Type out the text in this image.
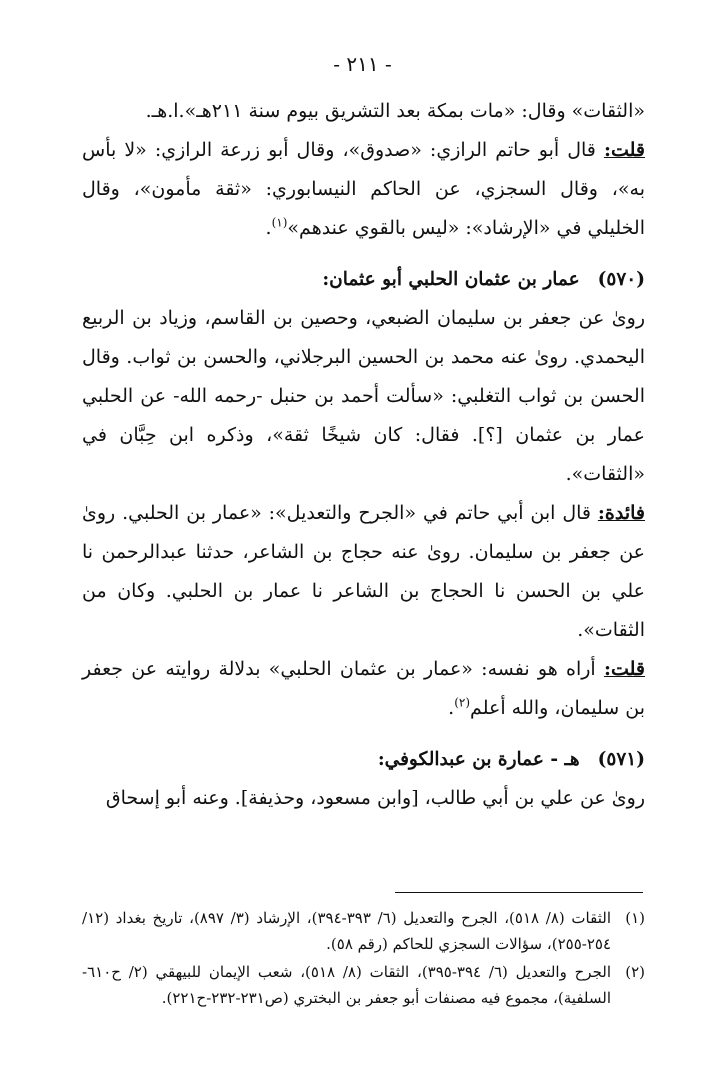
- ٢١١ -

«الثقات» وقال: «مات بمكة بعد التشريق بيوم سنة ٢١١هـ».ا.هـ.

قلت: قال أبو حاتم الرازي: «صدوق»، وقال أبو زرعة الرازي: «لا بأس به»، وقال السجزي، عن الحاكم النيسابوري: «ثقة مأمون»، وقال الخليلي في «الإرشاد»: «ليس بالقوي عندهم»$^{(١)}$.

(٥٧٠)عمار بن عثمان الحلبي أبو عثمان:

روىٰ عن جعفر بن سليمان الضبعي، وحصين بن القاسم، وزياد بن الربيع اليحمدي. روىٰ عنه محمد بن الحسين البرجلاني، والحسن بن ثواب. وقال الحسن بن ثواب التغلبي: «سألت أحمد بن حنبل -رحمه الله- عن الحلبي عمار بن عثمان [؟]. فقال: كان شيخًا ثقة»، وذكره ابن حِبَّان في «الثقات».

فائدة: قال ابن أبي حاتم في «الجرح والتعديل»: «عمار بن الحلبي. روىٰ عن جعفر بن سليمان. روىٰ عنه حجاج بن الشاعر، حدثنا عبدالرحمن نا علي بن الحسن نا الحجاج بن الشاعر نا عمار بن الحلبي. وكان من الثقات».

قلت: أراه هو نفسه: «عمار بن عثمان الحلبي» بدلالة روايته عن جعفر بن سليمان، والله أعلم$^{(٢)}$.

(٥٧١)هـ - عمارة بن عبدالكوفي:

روىٰ عن علي بن أبي طالب، [وابن مسعود، وحذيفة]. وعنه أبو إسحاق

(١)
الثقات (٨/ ٥١٨)، الجرح والتعديل (٦/ ٣٩٣-٣٩٤)، الإرشاد (٣/ ٨٩٧)، تاريخ بغداد (١٢/ ٢٥٤-٢٥٥)، سؤالات السجزي للحاكم (رقم ٥٨).
(٢)
الجرح والتعديل (٦/ ٣٩٤-٣٩٥)، الثقات (٨/ ٥١٨)، شعب الإيمان للبيهقي (٢/ ح٦١٠-السلفية)، مجموع فيه مصنفات أبو جعفر بن البختري (ص٢٣١-٢٣٢-ح٢٢١).
